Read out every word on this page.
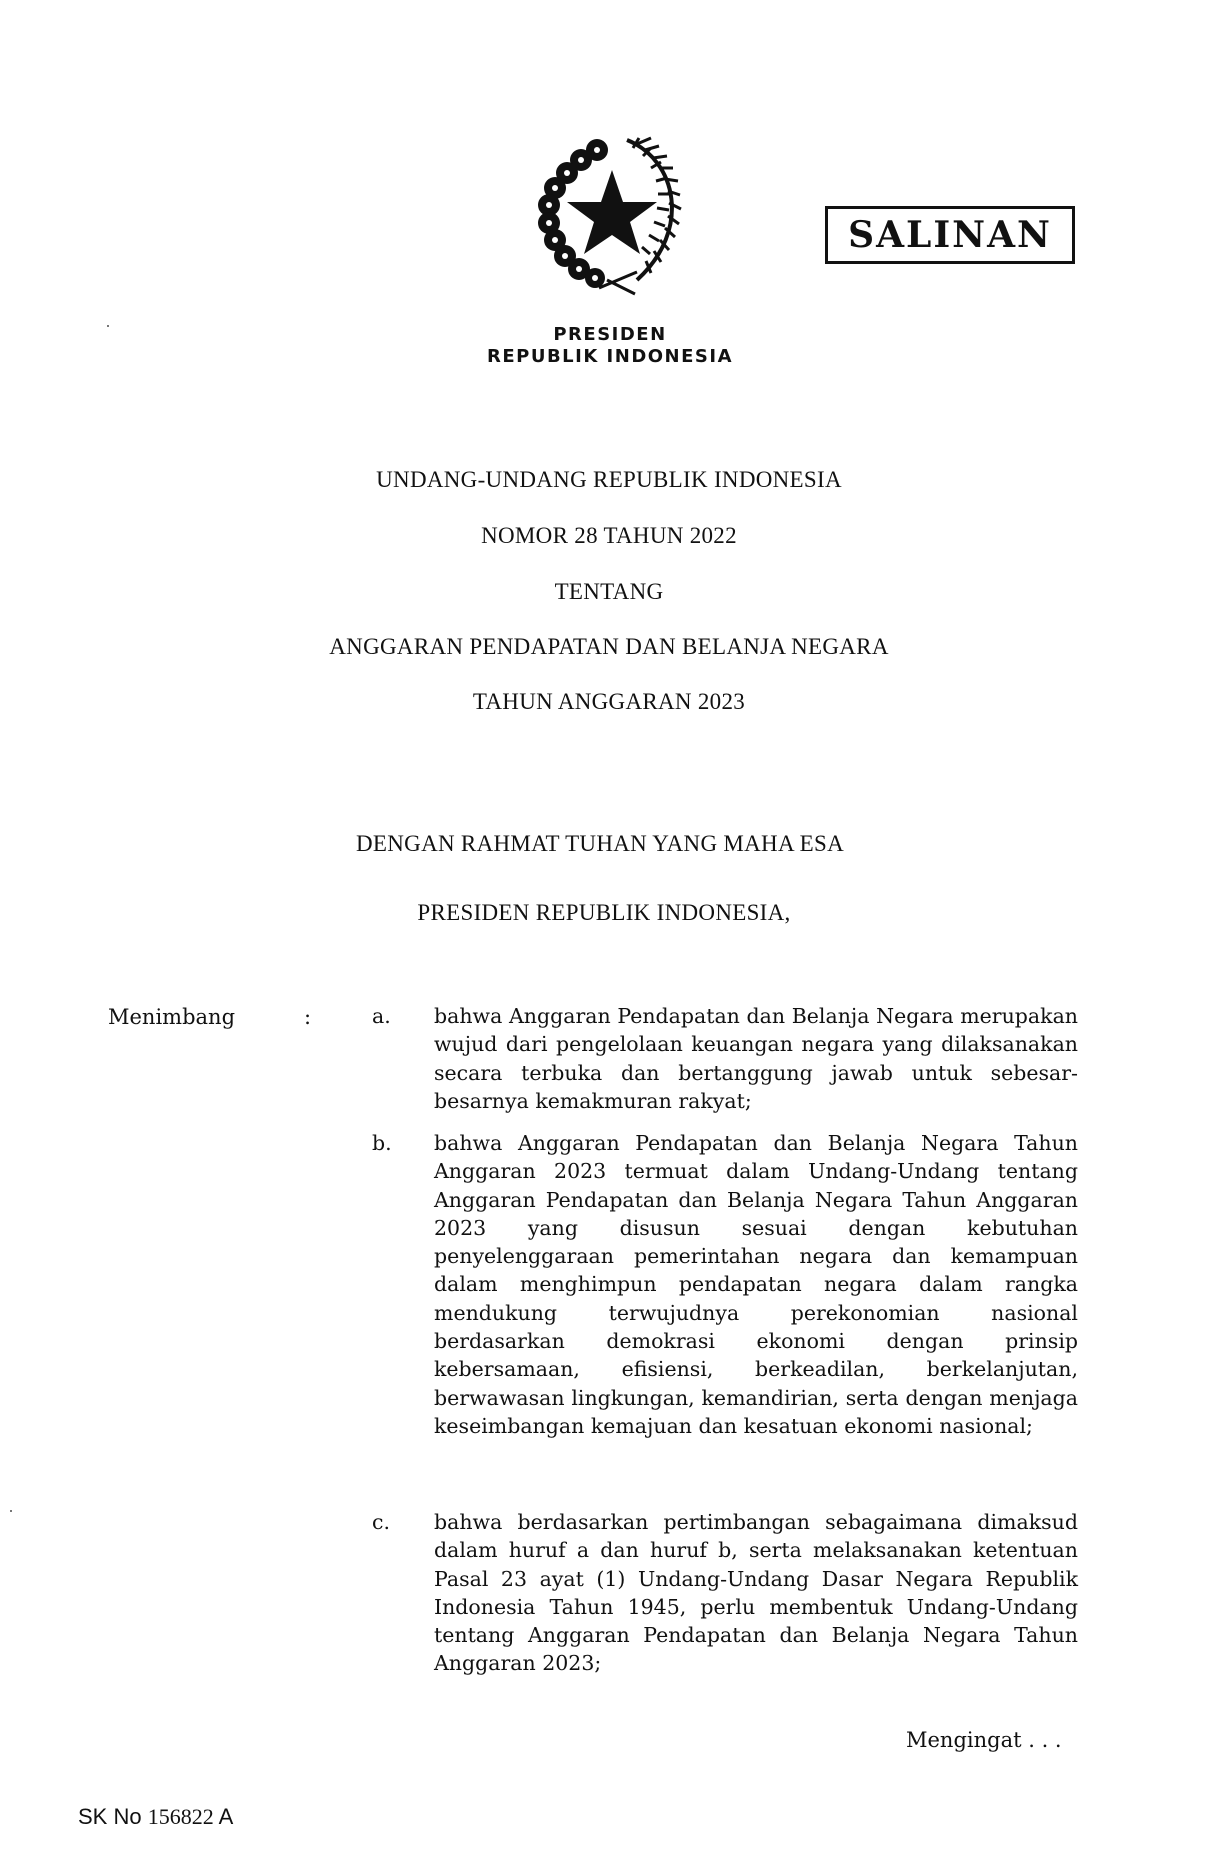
PRESIDEN
REPUBLIK INDONESIA
SALINAN
UNDANG-UNDANG REPUBLIK INDONESIA
NOMOR 28 TAHUN 2022
TENTANG
ANGGARAN PENDAPATAN DAN BELANJA NEGARA
TAHUN ANGGARAN 2023
DENGAN RAHMAT TUHAN YANG MAHA ESA
PRESIDEN REPUBLIK INDONESIA,
Menimbang	:	a.	bahwa Anggaran Pendapatan dan Belanja Negara merupakan wujud dari pengelolaan keuangan negara yang dilaksanakan secara terbuka dan bertanggung jawab untuk sebesar-besarnya kemakmuran rakyat;
b.	bahwa Anggaran Pendapatan dan Belanja Negara Tahun Anggaran 2023 termuat dalam Undang-Undang tentang Anggaran Pendapatan dan Belanja Negara Tahun Anggaran 2023 yang disusun sesuai dengan kebutuhan penyelenggaraan pemerintahan negara dan kemampuan dalam menghimpun pendapatan negara dalam rangka mendukung terwujudnya perekonomian nasional berdasarkan demokrasi ekonomi dengan prinsip kebersamaan, efisiensi, berkeadilan, berkelanjutan, berwawasan lingkungan, kemandirian, serta dengan menjaga keseimbangan kemajuan dan kesatuan ekonomi nasional;
c.	bahwa berdasarkan pertimbangan sebagaimana dimaksud dalam huruf a dan huruf b, serta melaksanakan ketentuan Pasal 23 ayat (1) Undang-Undang Dasar Negara Republik Indonesia Tahun 1945, perlu membentuk Undang-Undang tentang Anggaran Pendapatan dan Belanja Negara Tahun Anggaran 2023;
Mengingat . . .
SK No 156822 A
